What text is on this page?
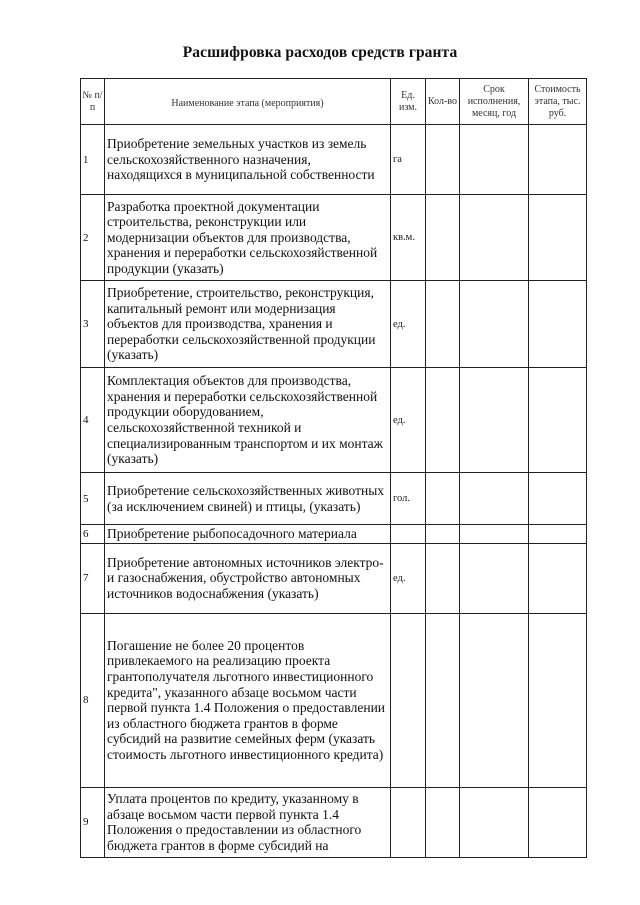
Расшифровка расходов средств гранта
№ п/п	Наименование этапа (мероприятия)	Ед. изм.	Кол-во	Срок исполнения, месяц, год	Стоимость этапа, тыс. руб.
1	Приобретение земельных участков из земель сельскохозяйственного назначения, находящихся в муниципальной собственности	га			
2	Разработка проектной документации строительства, реконструкции или модернизации объектов для производства, хранения и переработки сельскохозяйственной продукции (указать)	кв.м.			
3	Приобретение, строительство, реконструкция, капитальный ремонт или модернизация объектов для производства, хранения и переработки сельскохозяйственной продукции (указать)	ед.			
4	Комплектация объектов для производства, хранения и переработки сельскохозяйственной продукции оборудованием, сельскохозяйственной техникой и специализированным транспортом и их монтаж (указать)	ед.			
5	Приобретение сельскохозяйственных животных (за исключением свиней) и птицы, (указать)	гол.			
6	Приобретение рыбопосадочного материала				
7	Приобретение автономных источников электро- и газоснабжения, обустройство автономных источников водоснабжения (указать)	ед.			
8	Погашение не более 20 процентов привлекаемого на реализацию проекта грантополучателя льготного инвестиционного кредита", указанного абзаце восьмом части первой пункта 1.4 Положения о предоставлении из областного бюджета грантов в форме субсидий на развитие семейных ферм (указать стоимость льготного инвестиционного кредита)				
9	Уплата процентов по кредиту, указанному в абзаце восьмом части первой пункта 1.4 Положения о предоставлении из областного бюджета грантов в форме субсидий на				
